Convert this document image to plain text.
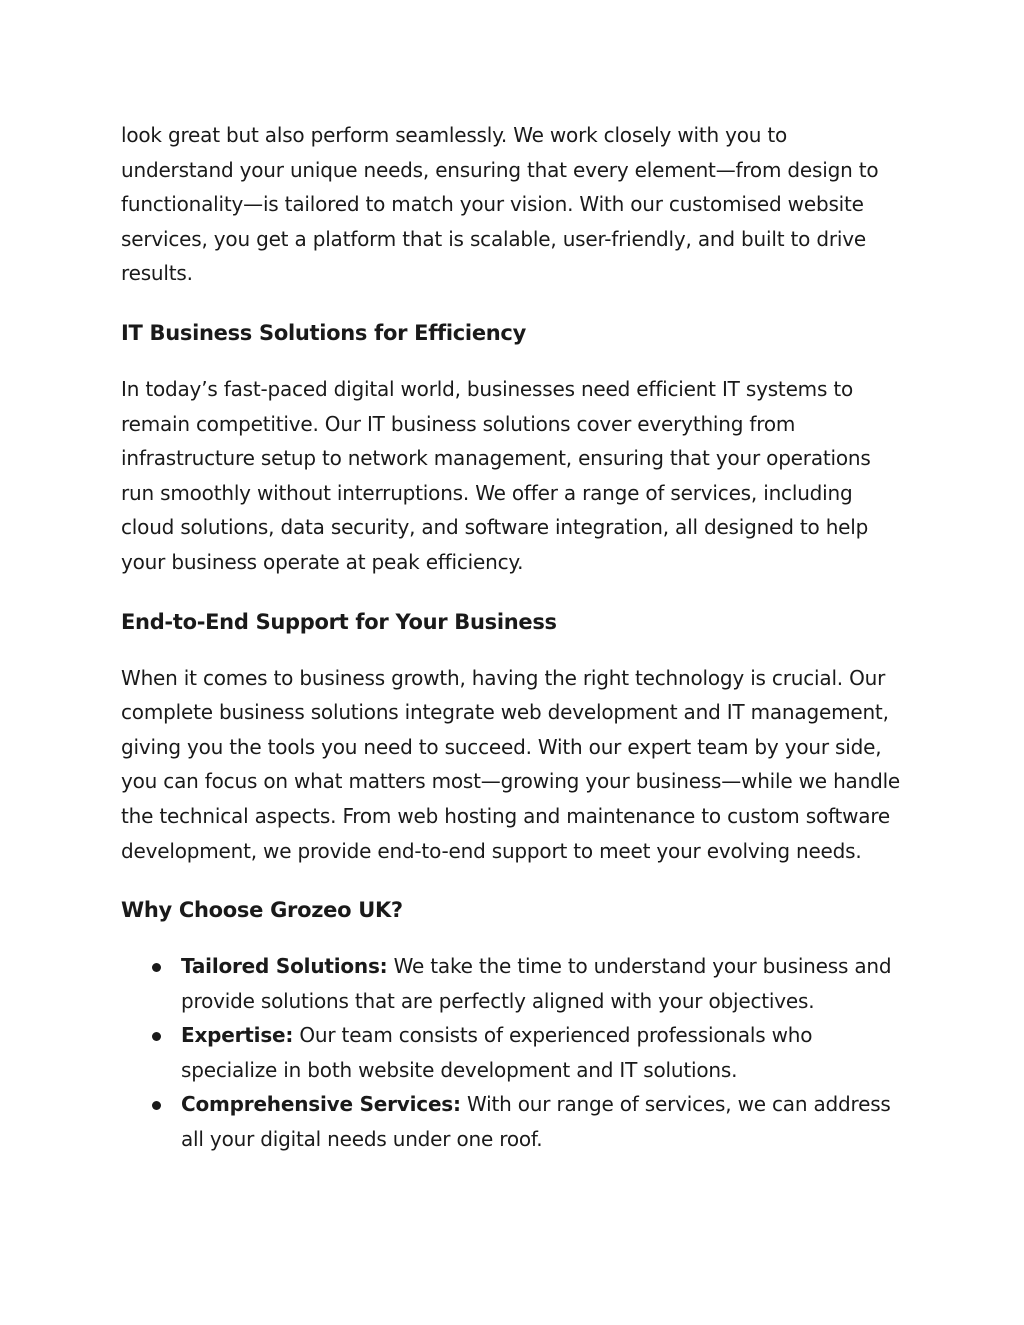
look great but also perform seamlessly. We work closely with you to understand your unique needs, ensuring that every element—from design to functionality—is tailored to match your vision. With our customised website services, you get a platform that is scalable, user-friendly, and built to drive results.

IT Business Solutions for Efficiency

In today’s fast-paced digital world, businesses need efficient IT systems to remain competitive. Our IT business solutions cover everything from infrastructure setup to network management, ensuring that your operations run smoothly without interruptions. We offer a range of services, including cloud solutions, data security, and software integration, all designed to help your business operate at peak efficiency.

End-to-End Support for Your Business

When it comes to business growth, having the right technology is crucial. Our complete business solutions integrate web development and IT management, giving you the tools you need to succeed. With our expert team by your side, you can focus on what matters most—growing your business—while we handle the technical aspects. From web hosting and maintenance to custom software development, we provide end-to-end support to meet your evolving needs.

Why Choose Grozeo UK?
Tailored Solutions: We take the time to understand your business and provide solutions that are perfectly aligned with your objectives.
Expertise: Our team consists of experienced professionals who specialize in both website development and IT solutions.
Comprehensive Services: With our range of services, we can address all your digital needs under one roof.
